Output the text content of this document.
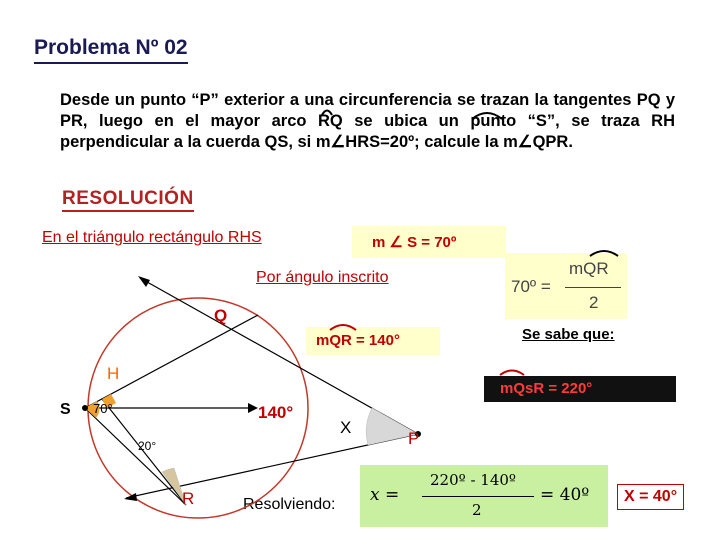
Problema Nº 02
Desde un punto “P” exterior a una circunferencia se trazan la tangentes PQ y PR, luego en el mayor arco RQ se ubica un punto “S”, se traza RH perpendicular a la cuerda QS, si m∠HRS=20º; calcule la m∠QPR.
RESOLUCIÓN
En el triángulo rectángulo RHS	m ∠ S = 70º
Por ángulo inscrito	70º =
mQR
2
mQR = 140°	Se sabe que:
mQsR = 220°
Resolviendo: x =
220º - 140º
2
= 40º	X = 40°
Q
H
S
R
X
P
70°
20°
140°
